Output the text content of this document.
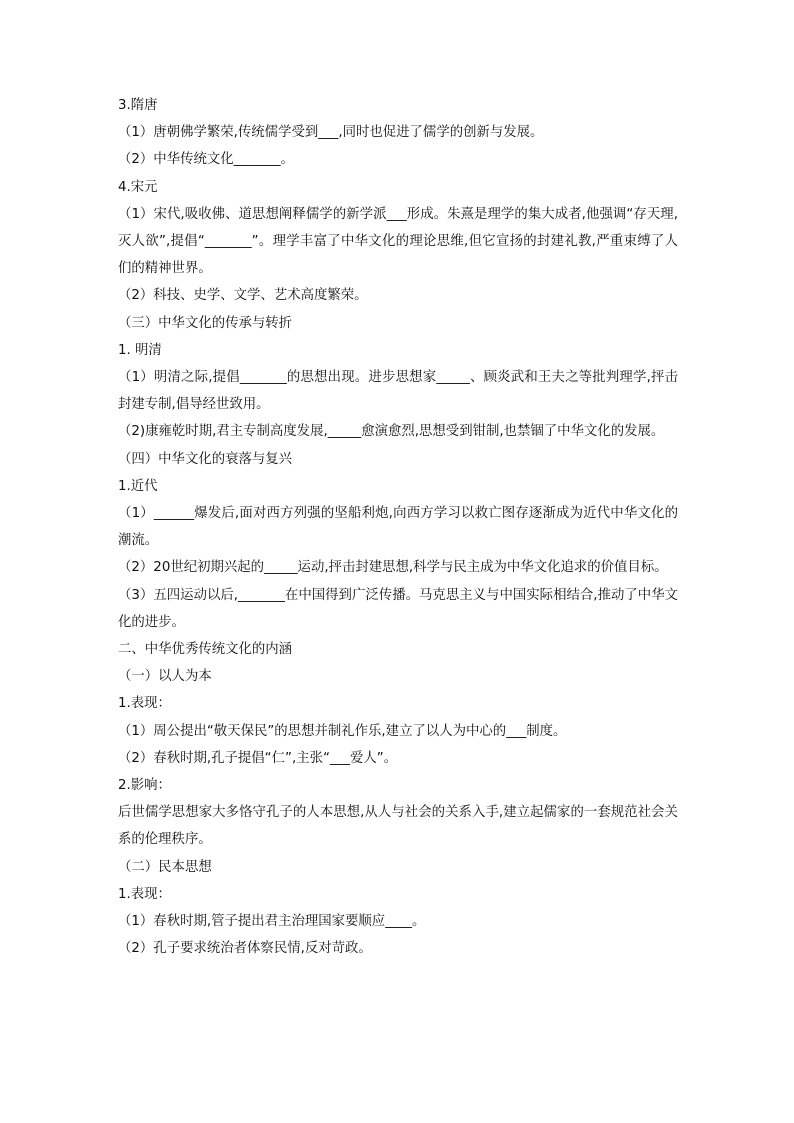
3.隋唐

（1）唐朝佛学繁荣,传统儒学受到___,同时也促进了儒学的创新与发展。

（2）中华传统文化_______。

4.宋元

（1）宋代,吸收佛、道思想阐释儒学的新学派___形成。朱熹是理学的集大成者,他强调“存天理,灭人欲”,提倡“_______”。理学丰富了中华文化的理论思维,但它宣扬的封建礼教,严重束缚了人们的精神世界。

（2）科技、史学、文学、艺术高度繁荣。

（三）中华文化的传承与转折

1. 明清

（1）明清之际,提倡_______的思想出现。进步思想家_____、顾炎武和王夫之等批判理学,抨击封建专制,倡导经世致用。

（2)康雍乾时期,君主专制高度发展,_____愈演愈烈,思想受到钳制,也禁锢了中华文化的发展。

（四）中华文化的衰落与复兴

1.近代

（1）______爆发后,面对西方列强的坚船利炮,向西方学习以救亡图存逐渐成为近代中华文化的潮流。

（2）20世纪初期兴起的_____运动,抨击封建思想,科学与民主成为中华文化追求的价值目标。

（3）五四运动以后,_______在中国得到广泛传播。马克思主义与中国实际相结合,推动了中华文化的进步。

二、中华优秀传统文化的内涵

（一）以人为本

1.表现：

（1）周公提出“敬天保民”的思想并制礼作乐,建立了以人为中心的___制度。

（2）春秋时期,孔子提倡“仁”,主张“___爱人”。

2.影响：

后世儒学思想家大多恪守孔子的人本思想,从人与社会的关系入手,建立起儒家的一套规范社会关系的伦理秩序。

（二）民本思想

1.表现：

（1）春秋时期,管子提出君主治理国家要顺应____。

（2）孔子要求统治者体察民情,反对苛政。
